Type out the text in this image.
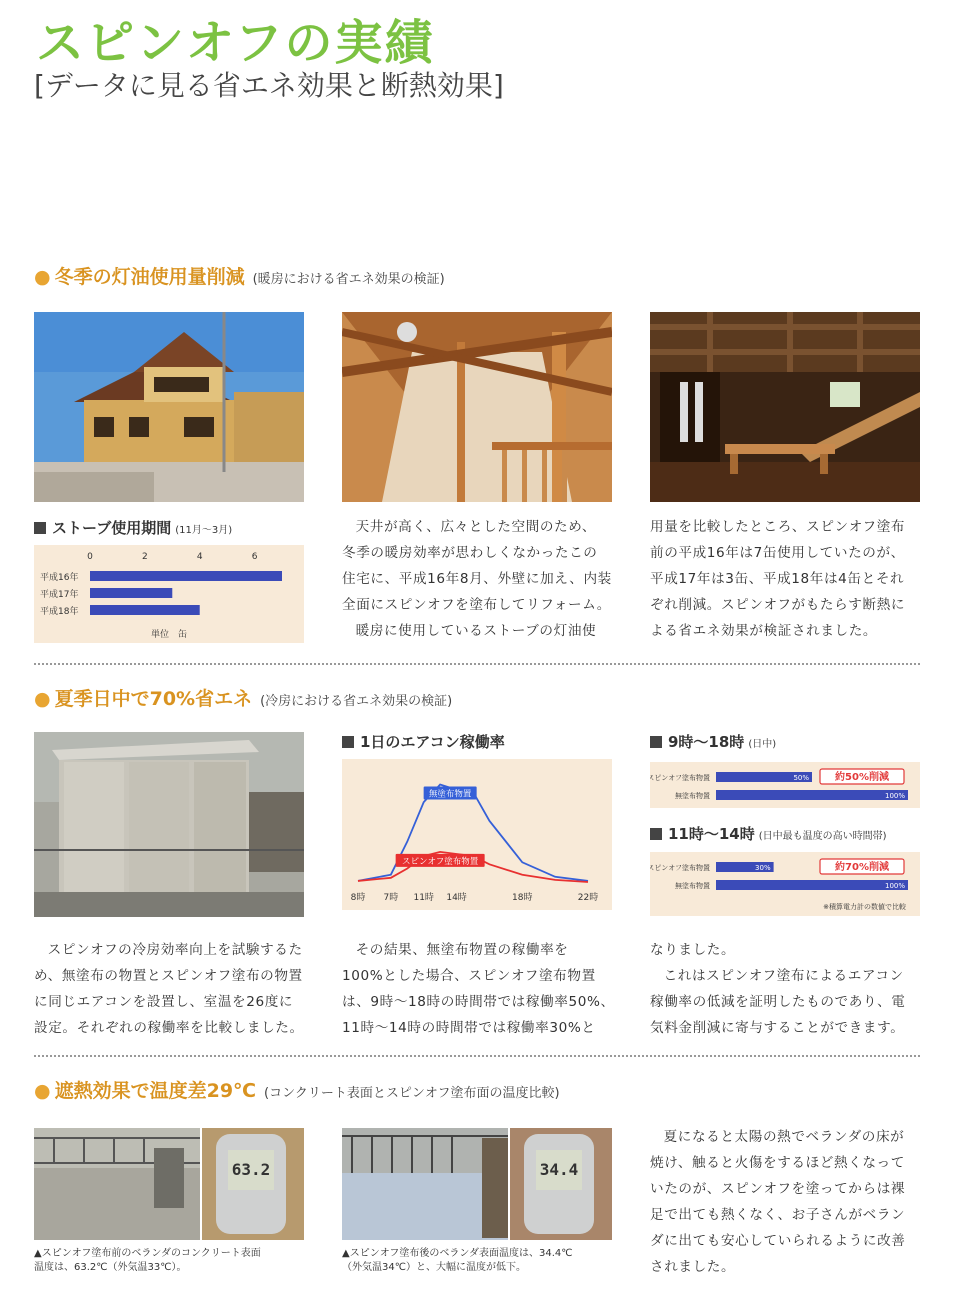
スピンオフの実績
[データに見る省エネ効果と断熱効果]
● 冬季の灯油使用量削減 (暖房における省エネ効果の検証)
ストーブ使用期間 (11月〜3月)
0	2	4	6
平成16年
平成17年
平成18年
単位　缶

天井が高く、広々とした空間のため、

冬季の暖房効率が思わしくなかったこの

住宅に、平成16年8月、外壁に加え、内装

全面にスピンオフを塗布してリフォーム。

暖房に使用しているストーブの灯油使

用量を比較したところ、スピンオフ塗布

前の平成16年は7缶使用していたのが、

平成17年は3缶、平成18年は4缶とそれ

ぞれ削減。スピンオフがもたらす断熱に

よる省エネ効果が検証されました。

● 夏季日中で70%省エネ (冷房における省エネ効果の検証)
1日のエアコン稼働率
無塗布物置
スピンオフ塗布物置
8時 7時 11時 14時	18時	22時
9時〜18時 (日中)
スピンオフ塗布物置	50%
無塗布物置	100%
約50%削減
11時〜14時 (日中最も温度の高い時間帯)
スピンオフ塗布物置	30%
無塗布物置	100%
約70%削減
※積算電力計の数値で比較

スピンオフの冷房効率向上を試験するた

め、無塗布の物置とスピンオフ塗布の物置

に同じエアコンを設置し、室温を26度に

設定。それぞれの稼働率を比較しました。

その結果、無塗布物置の稼働率を

100%とした場合、スピンオフ塗布物置

は、9時〜18時の時間帯では稼働率50%、

11時〜14時の時間帯では稼働率30%と

なりました。

これはスピンオフ塗布によるエアコン

稼働率の低減を証明したものであり、電

気料金削減に寄与することができます。

● 遮熱効果で温度差29℃ (コンクリート表面とスピンオフ塗布面の温度比較)
63.2	34.4
▲スピンオフ塗布前のベランダのコンクリート表面
温度は、63.2℃（外気温33℃）。
▲スピンオフ塗布後のベランダ表面温度は、34.4℃
（外気温34℃）と、大幅に温度が低下。

夏になると太陽の熱でベランダの床が

焼け、触ると火傷をするほど熱くなって

いたのが、スピンオフを塗ってからは裸

足で出ても熱くなく、お子さんがベラン

ダに出ても安心していられるように改善

されました。
